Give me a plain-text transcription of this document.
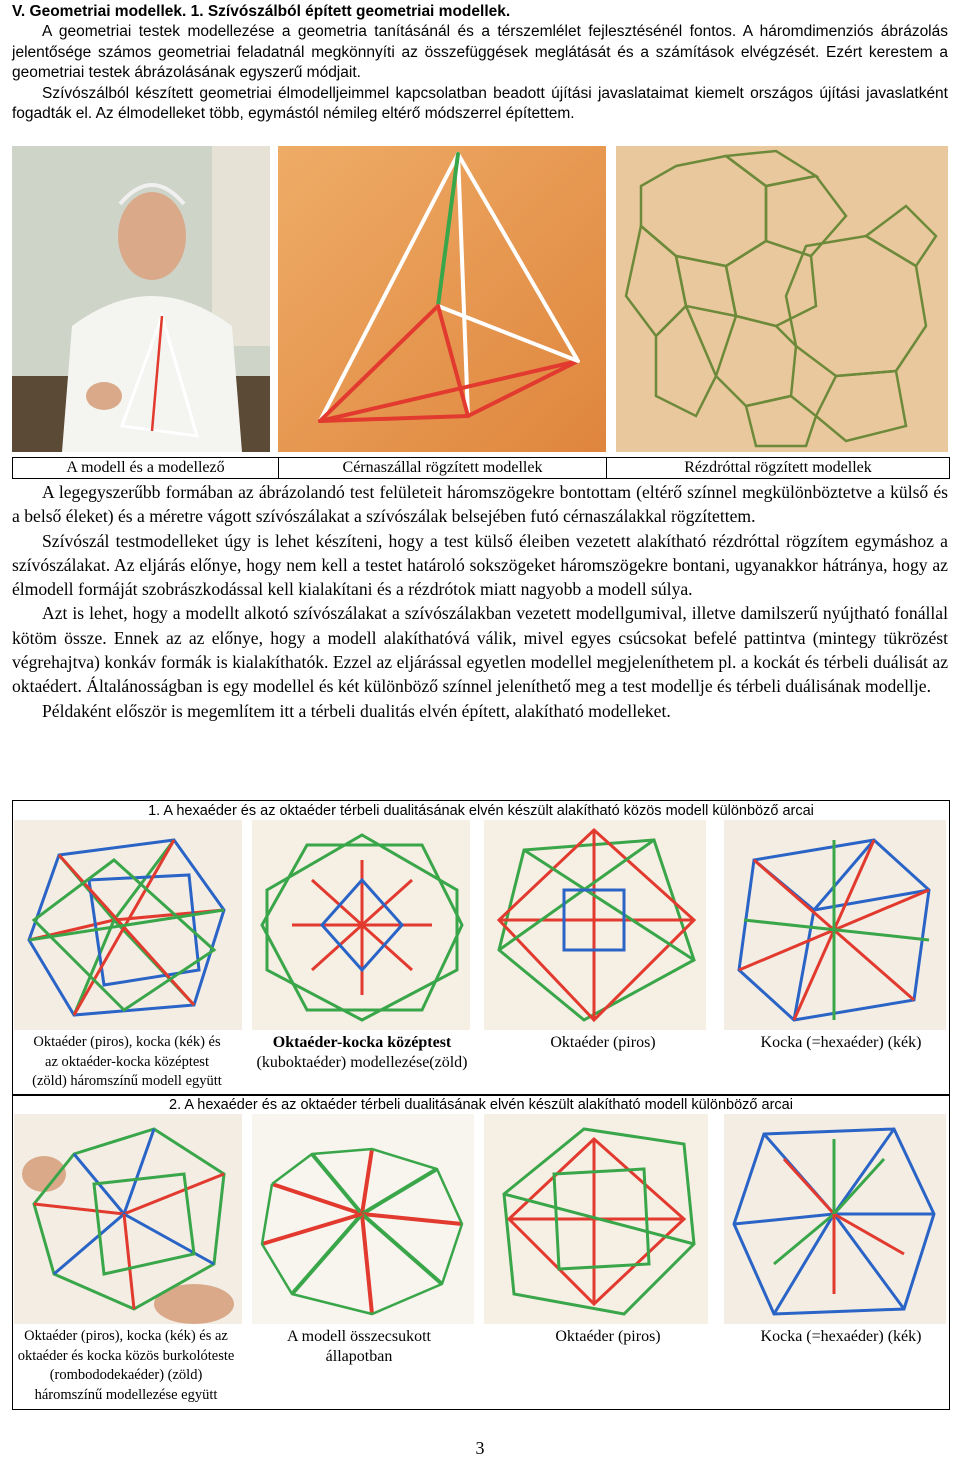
V. Geometriai modellek. 1. Szívószálból épített geometriai modellek.
A geometriai testek modellezése a geometria tanításánál és a térszemlélet fejlesztésénél fontos. A háromdimenziós ábrázolás jelentősége számos geometriai feladatnál megkönnyíti az összefüggések meglátását és a számítások elvégzését. Ezért kerestem a geometriai testek ábrázolásának egyszerű módjait.
Szívószálból készített geometriai élmodelljeimmel kapcsolatban beadott újítási javaslataimat kiemelt országos újítási javaslatként fogadták el. Az élmodelleket több, egymástól némileg eltérő módszerrel építettem.
A modell és a modellező	Cérnaszállal rögzített modellek	Rézdróttal rögzített modellek
A legegyszerűbb formában az ábrázolandó test felületeit háromszögekre bontottam (eltérő színnel megkülönböztetve a külső és a belső éleket) és a méretre vágott szívószálakat a szívószálak belsejében futó cérnaszálakkal rögzítettem.
Szívószál testmodelleket úgy is lehet készíteni, hogy a test külső éleiben vezetett alakítható rézdróttal rögzítem egymáshoz a szívószálakat. Az eljárás előnye, hogy nem kell a testet határoló sokszögeket háromszögekre bontani, ugyanakkor hátránya, hogy az élmodell formáját szobrászkodással kell kialakítani és a rézdrótok miatt nagyobb a modell súlya.
Azt is lehet, hogy a modellt alkotó szívószálakat a szívószálakban vezetett modellgumival, illetve damilszerű nyújtható fonállal kötöm össze. Ennek az az előnye, hogy a modell alakíthatóvá válik, mivel egyes csúcsokat befelé pattintva (mintegy tükrözést végrehajtva) konkáv formák is kialakíthatók. Ezzel az eljárással egyetlen modellel megjeleníthetem pl. a kockát és térbeli duálisát az oktaédert. Általánosságban is egy modellel és két különböző színnel jeleníthető meg a test modellje és térbeli duálisának modellje.
Példaként először is megemlítem itt a térbeli dualitás elvén épített, alakítható modelleket.
1. A hexaéder és az oktaéder térbeli dualitásának elvén készült alakítható közös modell különböző arcai
Oktaéder (piros), kocka (kék) és
az oktaéder-kocka középtest
(zöld) háromszínű modell együtt
Oktaéder-kocka középtest
(kuboktaéder) modellezése(zöld)
Oktaéder (piros)	Kocka (=hexaéder) (kék)
2. A hexaéder és az oktaéder térbeli dualitásának elvén készült alakítható modell különböző arcai
Oktaéder (piros), kocka (kék) és az
oktaéder és kocka közös burkolóteste
(rombododekaéder) (zöld)
háromszínű modellezése együtt
A modell összecsukott
állapotban
Oktaéder (piros)	Kocka (=hexaéder) (kék)
3
